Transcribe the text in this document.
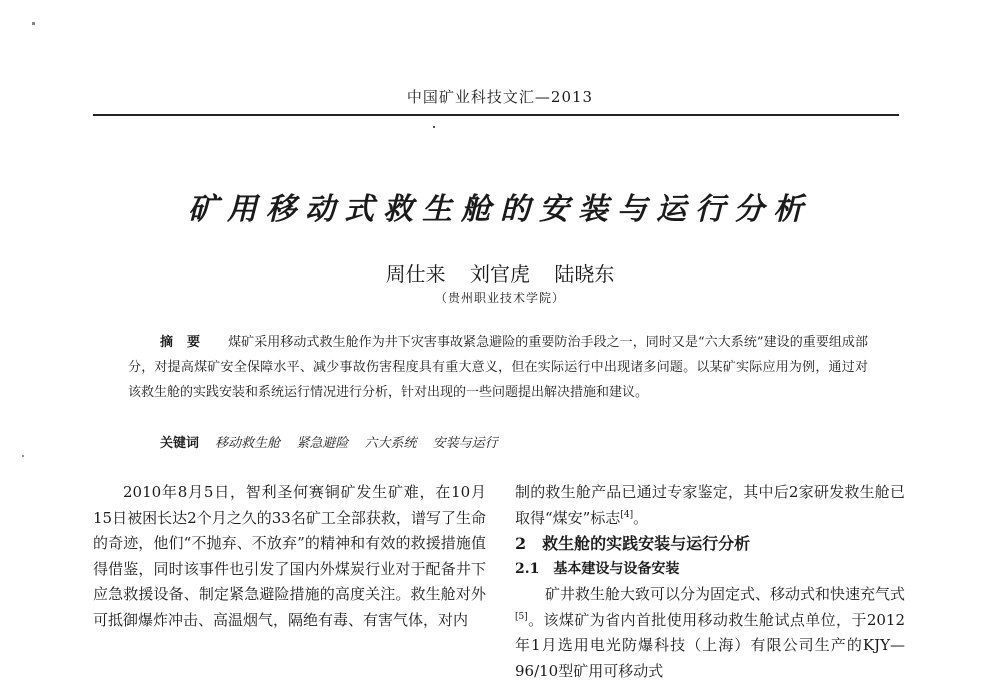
中国矿业科技文汇—2013
矿用移动式救生舱的安装与运行分析
周仕来 刘官虎 陆晓东
（贵州职业技术学院）
摘要 煤矿采用移动式救生舱作为井下灾害事故紧急避险的重要防治手段之一，同时又是“六大系统”建设的重要组成部分，对提高煤矿安全保障水平、减少事故伤害程度具有重大意义，但在实际运行中出现诸多问题。以某矿实际应用为例，通过对该救生舱的实践安装和系统运行情况进行分析，针对出现的一些问题提出解决措施和建议。
关键词 移动救生舱 紧急避险 六大系统 安装与运行

2010年8月5日，智利圣何赛铜矿发生矿难，在10月15日被困长达2个月之久的33名矿工全部获救，谱写了生命的奇迹，他们“不抛弃、不放弃”的精神和有效的救援措施值得借鉴，同时该事件也引发了国内外煤炭行业对于配备井下应急救援设备、制定紧急避险措施的高度关注。救生舱对外可抵御爆炸冲击、高温烟气，隔绝有毒、有害气体，对内

制的救生舱产品已通过专家鉴定，其中后2家研发救生舱已取得“煤安”标志[4]。

2　救生舱的实践安装与运行分析
2.1　基本建设与设备安装

矿井救生舱大致可以分为固定式、移动式和快速充气式[5]。该煤矿为省内首批使用移动救生舱试点单位，于2012年1月选用电光防爆科技（上海）有限公司生产的KJY—96/10型矿用可移动式
